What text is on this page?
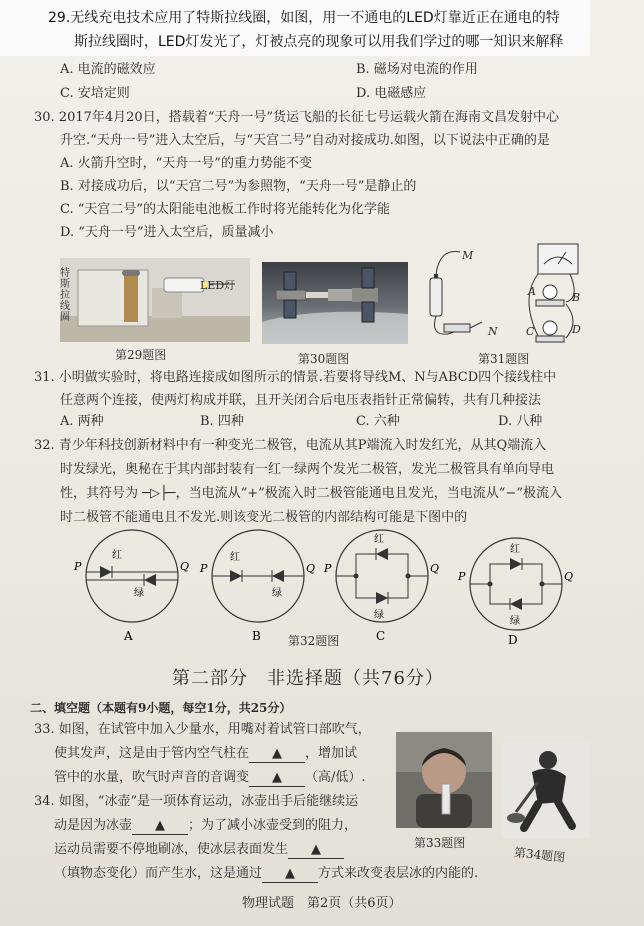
29.无线充电技术应用了特斯拉线圈，如图，用一不通电的LED灯靠近正在通电的特
斯拉线圈时，LED灯发光了，灯被点亮的现象可以用我们学过的哪一知识来解释
A. 电流的磁效应	B. 磁场对电流的作用
C. 安培定则	D. 电磁感应
30. 2017年4月20日，搭载着“天舟一号”货运飞船的长征七号运载火箭在海南文昌发射中心
升空.“天舟一号”进入太空后，与“天宫二号”自动对接成功.如图，以下说法中正确的是
A. 火箭升空时，“天舟一号”的重力势能不变
B. 对接成功后，以“天宫二号”为参照物，“天舟一号”是静止的
C. “天宫二号”的太阳能电池板工作时将光能转化为化学能
D. “天舟一号”进入太空后，质量减小
特斯拉线圈
LED灯
第29题图	第30题图
M
N
A	B
C	D
第31题图
31. 小明做实验时，将电路连接成如图所示的情景.若要将导线M、N与ABCD四个接线柱中
任意两个连接，使两灯构成并联，且开关闭合后电压表指针正常偏转，共有几种接法
A. 两种	B. 四种	C. 六种	D. 八种
32. 青少年科技创新材料中有一种变光二极管，电流从其P端流入时发红光，从其Q端流入
时发绿光，奥秘在于其内部封装有一红一绿两个发光二极管，发光二极管具有单向导电
性，其符号为 ─▷├─，当电流从“+”极流入时二极管能通电且发光，当电流从“−”极流入
时二极管不能通电且不发光.则该变光二极管的内部结构可能是下图中的
红
绿
P	Q
A
红
绿
P	Q
B
红
绿
P	Q
C
红
绿
P	Q
D
第32题图
第二部分　非选择题（共76分）
二、填空题（本题有9小题，每空1分，共25分）
33. 如图，在试管中加入少量水，用嘴对着试管口部吹气，
使其发声，这是由于管内空气柱在 ▲ ，增加试
管中的水量，吹气时声音的音调变 ▲ （高/低）.
34. 如图，“冰壶”是一项体育运动，冰壶出手后能继续运
动是因为冰壶 ▲ ；为了减小冰壶受到的阻力，
运动员需要不停地刷冰，使冰层表面发生 ▲
（填物态变化）而产生水，这是通过 ▲ 方式来改变表层冰的内能的.
第33题图
第34题图
物理试题　第2页（共6页）
